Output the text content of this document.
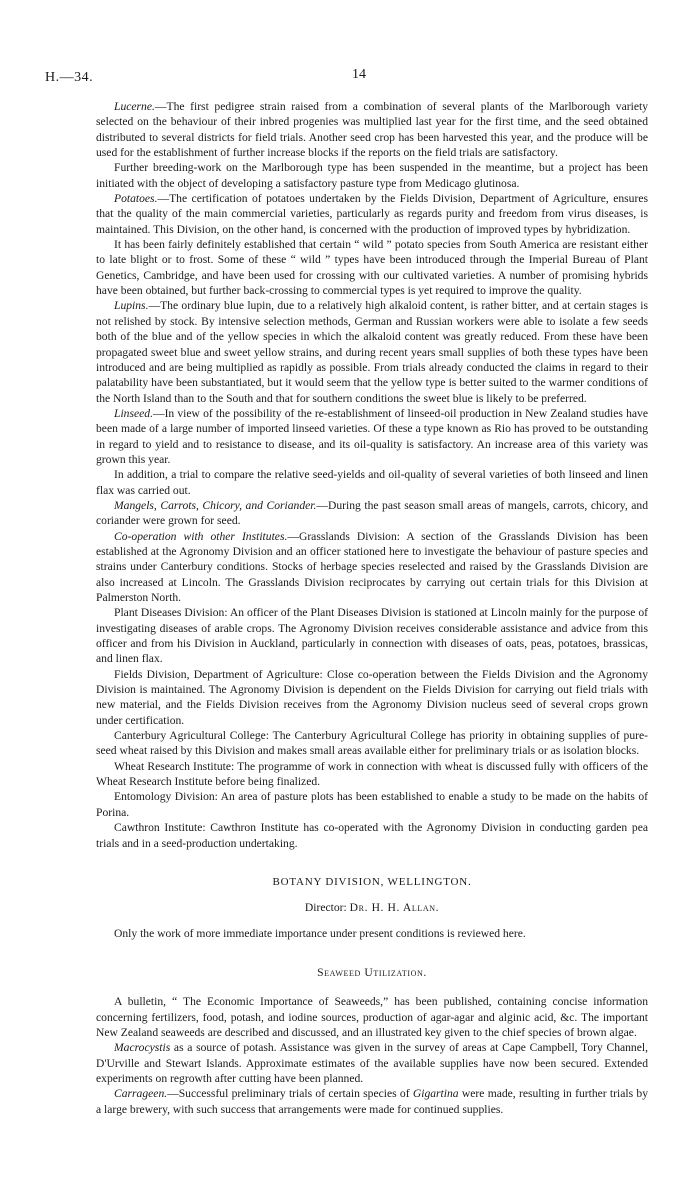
H.—34.	14

Lucerne.—The first pedigree strain raised from a combination of several plants of the Marlborough variety selected on the behaviour of their inbred progenies was multiplied last year for the first time, and the seed obtained distributed to several districts for field trials. Another seed crop has been harvested this year, and the produce will be used for the establishment of further increase blocks if the reports on the field trials are satisfactory.

Further breeding-work on the Marlborough type has been suspended in the meantime, but a project has been initiated with the object of developing a satisfactory pasture type from Medicago glutinosa.

Potatoes.—The certification of potatoes undertaken by the Fields Division, Department of Agriculture, ensures that the quality of the main commercial varieties, particularly as regards purity and freedom from virus diseases, is maintained. This Division, on the other hand, is concerned with the production of improved types by hybridization.

It has been fairly definitely established that certain “ wild ” potato species from South America are resistant either to late blight or to frost. Some of these “ wild ” types have been introduced through the Imperial Bureau of Plant Genetics, Cambridge, and have been used for crossing with our cultivated varieties. A number of promising hybrids have been obtained, but further back-crossing to commercial types is yet required to improve the quality.

Lupins.—The ordinary blue lupin, due to a relatively high alkaloid content, is rather bitter, and at certain stages is not relished by stock. By intensive selection methods, German and Russian workers were able to isolate a few seeds both of the blue and of the yellow species in which the alkaloid content was greatly reduced. From these have been propagated sweet blue and sweet yellow strains, and during recent years small supplies of both these types have been introduced and are being multiplied as rapidly as possible. From trials already conducted the claims in regard to their palatability have been substantiated, but it would seem that the yellow type is better suited to the warmer conditions of the North Island than to the South and that for southern conditions the sweet blue is likely to be preferred.

Linseed.—In view of the possibility of the re-establishment of linseed-oil production in New Zealand studies have been made of a large number of imported linseed varieties. Of these a type known as Rio has proved to be outstanding in regard to yield and to resistance to disease, and its oil-quality is satisfactory. An increase area of this variety was grown this year.

In addition, a trial to compare the relative seed-yields and oil-quality of several varieties of both linseed and linen flax was carried out.

Mangels, Carrots, Chicory, and Coriander.—During the past season small areas of mangels, carrots, chicory, and coriander were grown for seed.

Co-operation with other Institutes.—Grasslands Division: A section of the Grasslands Division has been established at the Agronomy Division and an officer stationed here to investigate the behaviour of pasture species and strains under Canterbury conditions. Stocks of herbage species reselected and raised by the Grasslands Division are also increased at Lincoln. The Grasslands Division reciprocates by carrying out certain trials for this Division at Palmerston North.

Plant Diseases Division: An officer of the Plant Diseases Division is stationed at Lincoln mainly for the purpose of investigating diseases of arable crops. The Agronomy Division receives considerable assistance and advice from this officer and from his Division in Auckland, particularly in connection with diseases of oats, peas, potatoes, brassicas, and linen flax.

Fields Division, Department of Agriculture: Close co-operation between the Fields Division and the Agronomy Division is maintained. The Agronomy Division is dependent on the Fields Division for carrying out field trials with new material, and the Fields Division receives from the Agronomy Division nucleus seed of several crops grown under certification.

Canterbury Agricultural College: The Canterbury Agricultural College has priority in obtaining supplies of pure-seed wheat raised by this Division and makes small areas available either for preliminary trials or as isolation blocks.

Wheat Research Institute: The programme of work in connection with wheat is discussed fully with officers of the Wheat Research Institute before being finalized.

Entomology Division: An area of pasture plots has been established to enable a study to be made on the habits of Porina.

Cawthron Institute: Cawthron Institute has co-operated with the Agronomy Division in conducting garden pea trials and in a seed-production undertaking.

BOTANY DIVISION, WELLINGTON.

Director: Dr. H. H. Allan.

Only the work of more immediate importance under present conditions is reviewed here.

Seaweed Utilization.

A bulletin, “ The Economic Importance of Seaweeds,” has been published, containing concise information concerning fertilizers, food, potash, and iodine sources, production of agar-agar and alginic acid, &c. The important New Zealand seaweeds are described and discussed, and an illustrated key given to the chief species of brown algae.

Macrocystis as a source of potash. Assistance was given in the survey of areas at Cape Campbell, Tory Channel, D'Urville and Stewart Islands. Approximate estimates of the available supplies have now been secured. Extended experiments on regrowth after cutting have been planned.

Carrageen.—Successful preliminary trials of certain species of Gigartina were made, resulting in further trials by a large brewery, with such success that arrangements were made for continued supplies.
